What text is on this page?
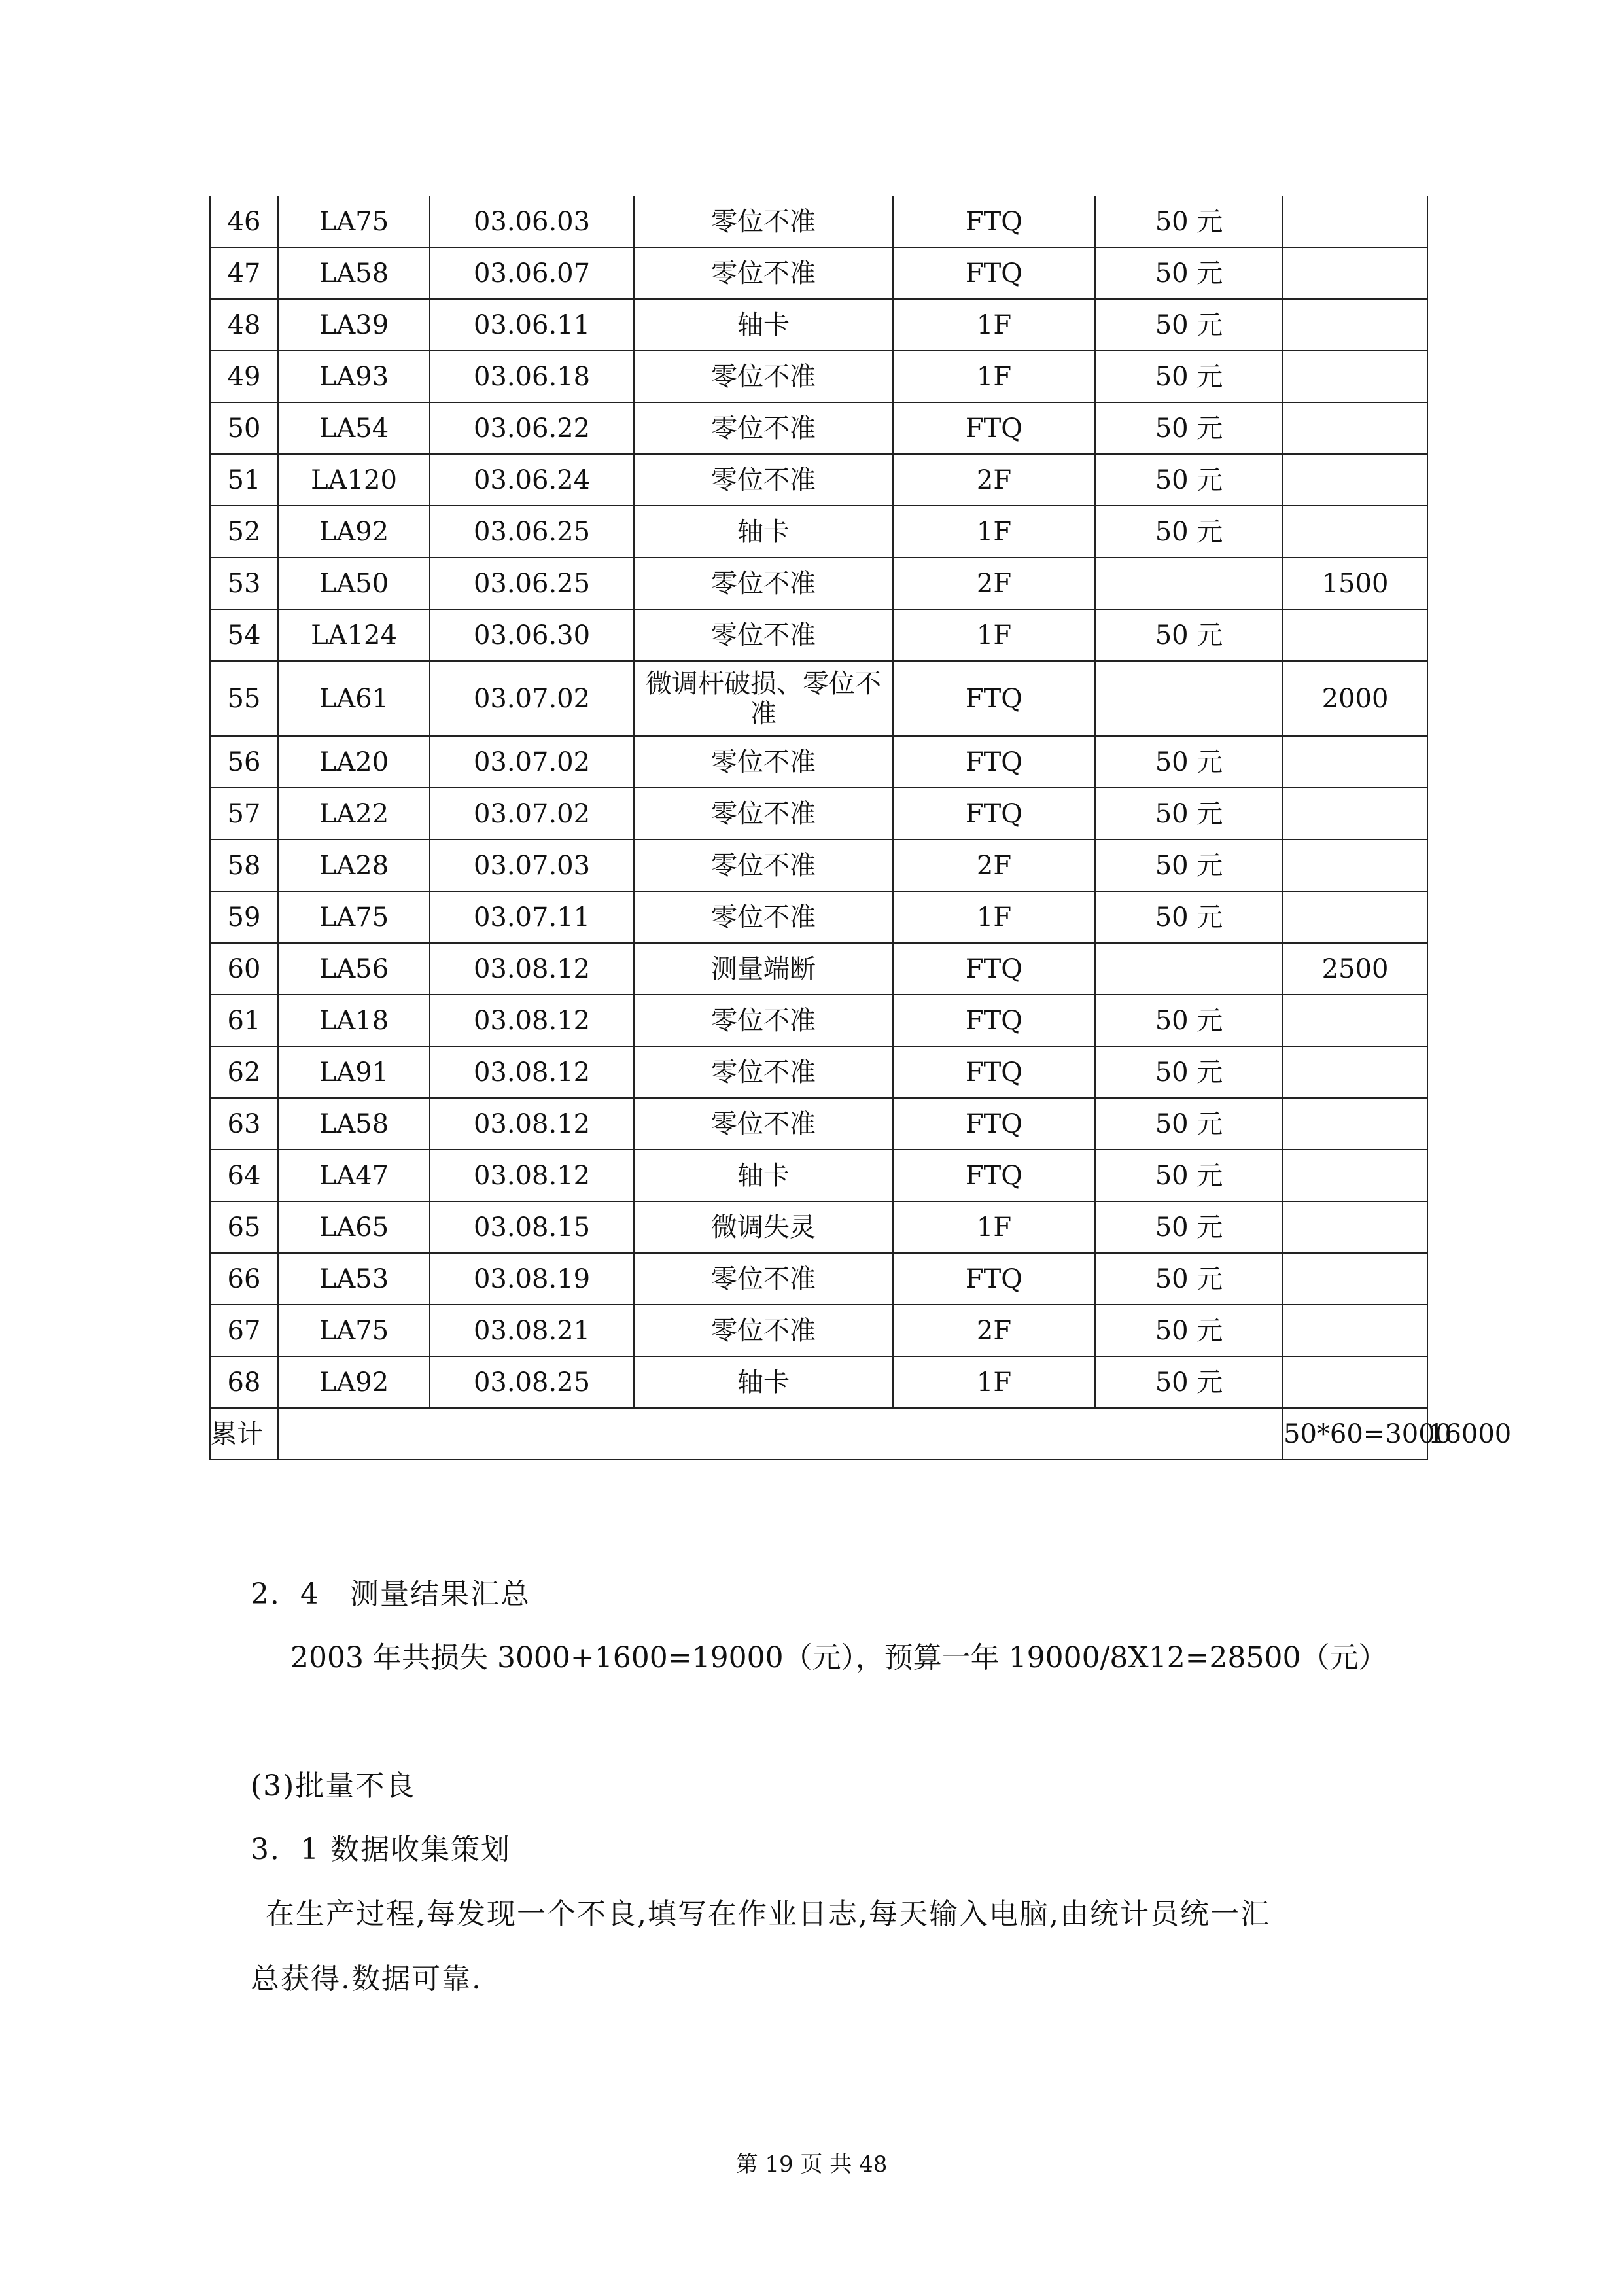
46	LA75	03.06.03	零位不准	FTQ	50 元		
47	LA58	03.06.07	零位不准	FTQ	50 元		
48	LA39	03.06.11	轴卡	1F	50 元		
49	LA93	03.06.18	零位不准	1F	50 元		
50	LA54	03.06.22	零位不准	FTQ	50 元		
51	LA120	03.06.24	零位不准	2F	50 元		
52	LA92	03.06.25	轴卡	1F	50 元		
53	LA50	03.06.25	零位不准	2F		1500	
54	LA124	03.06.30	零位不准	1F	50 元		
55	LA61	03.07.02	微调杆破损、零位不准	FTQ		2000	
56	LA20	03.07.02	零位不准	FTQ	50 元		
57	LA22	03.07.02	零位不准	FTQ	50 元		
58	LA28	03.07.03	零位不准	2F	50 元		
59	LA75	03.07.11	零位不准	1F	50 元		
60	LA56	03.08.12	测量端断	FTQ		2500	
61	LA18	03.08.12	零位不准	FTQ	50 元		
62	LA91	03.08.12	零位不准	FTQ	50 元		
63	LA58	03.08.12	零位不准	FTQ	50 元		
64	LA47	03.08.12	轴卡	FTQ	50 元		
65	LA65	03.08.15	微调失灵	1F	50 元		
66	LA53	03.08.19	零位不准	FTQ	50 元		
67	LA75	03.08.21	零位不准	2F	50 元		
68	LA92	03.08.25	轴卡	1F	50 元		
累计						50*60=3000	16000
2．4　测量结果汇总
2003 年共损失 3000+1600=19000（元），预算一年 19000/8X12=28500（元）
(3)批量不良
3．1 数据收集策划
在生产过程,每发现一个不良,填写在作业日志,每天输入电脑,由统计员统一汇
总获得.数据可靠.
第 19 页 共 48
